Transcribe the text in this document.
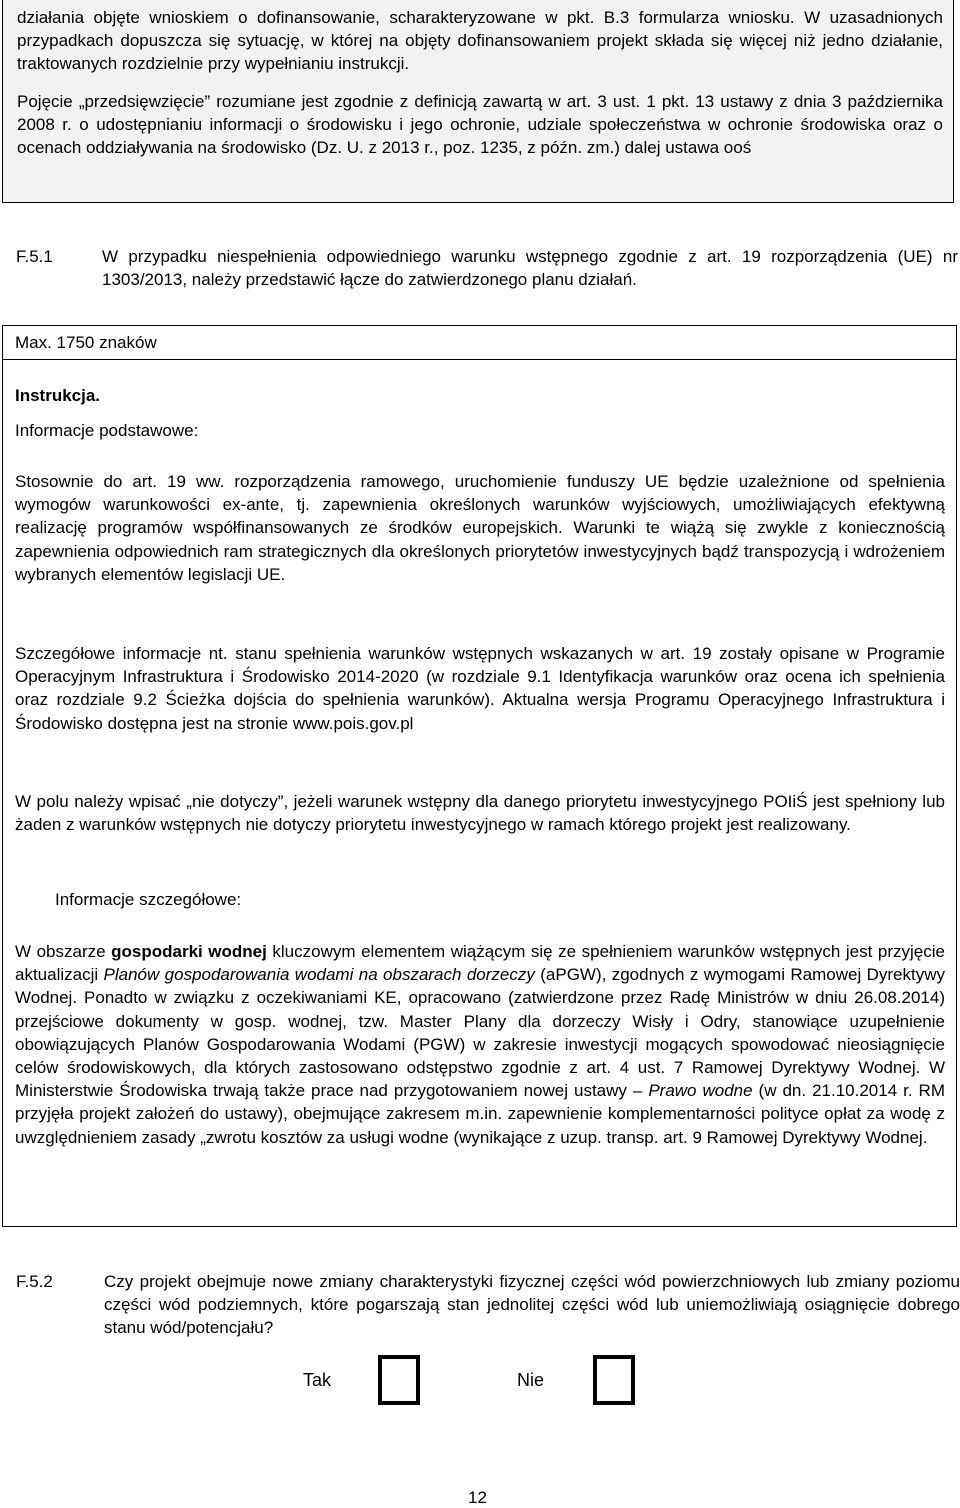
działania objęte wnioskiem o dofinansowanie, scharakteryzowane w pkt. B.3 formularza wniosku. W uzasadnionych przypadkach dopuszcza się sytuację, w której na objęty dofinansowaniem projekt składa się więcej niż jedno działanie, traktowanych rozdzielnie przy wypełnianiu instrukcji.

Pojęcie „przedsięwzięcie” rozumiane jest zgodnie z definicją zawartą w art. 3 ust. 1 pkt. 13 ustawy z dnia 3 października 2008 r. o udostępnianiu informacji o środowisku i jego ochronie, udziale społeczeństwa w ochronie środowiska oraz o ocenach oddziaływania na środowisko (Dz. U. z 2013 r., poz. 1235, z późn. zm.) dalej ustawa ooś

F.5.1	W przypadku niespełnienia odpowiedniego warunku wstępnego zgodnie z art. 19 rozporządzenia (UE) nr 1303/2013, należy przedstawić łącze do zatwierdzonego planu działań.
Max. 1750 znaków

Instrukcja.

Informacje podstawowe:

Stosownie do art. 19 ww. rozporządzenia ramowego, uruchomienie funduszy UE będzie uzależnione od spełnienia wymogów warunkowości ex-ante, tj. zapewnienia określonych warunków wyjściowych, umożliwiających efektywną realizację programów współfinansowanych ze środków europejskich. Warunki te wiążą się zwykle z koniecznością zapewnienia odpowiednich ram strategicznych dla określonych priorytetów inwestycyjnych bądź transpozycją i wdrożeniem wybranych elementów legislacji UE.

Szczegółowe informacje nt. stanu spełnienia warunków wstępnych wskazanych w art. 19 zostały opisane w Programie Operacyjnym Infrastruktura i Środowisko 2014-2020 (w rozdziale 9.1 Identyfikacja warunków oraz ocena ich spełnienia oraz rozdziale 9.2 Ścieżka dojścia do spełnienia warunków). Aktualna wersja Programu Operacyjnego Infrastruktura i Środowisko dostępna jest na stronie www.pois.gov.pl

W polu należy wpisać „nie dotyczy”, jeżeli warunek wstępny dla danego priorytetu inwestycyjnego POIiŚ jest spełniony lub żaden z warunków wstępnych nie dotyczy priorytetu inwestycyjnego w ramach którego projekt jest realizowany.

Informacje szczegółowe:

W obszarze gospodarki wodnej kluczowym elementem wiążącym się ze spełnieniem warunków wstępnych jest przyjęcie aktualizacji Planów gospodarowania wodami na obszarach dorzeczy (aPGW), zgodnych z wymogami Ramowej Dyrektywy Wodnej. Ponadto w związku z oczekiwaniami KE, opracowano (zatwierdzone przez Radę Ministrów w dniu 26.08.2014) przejściowe dokumenty w gosp. wodnej, tzw. Master Plany dla dorzeczy Wisły i Odry, stanowiące uzupełnienie obowiązujących Planów Gospodarowania Wodami (PGW) w zakresie inwestycji mogących spowodować nieosiągnięcie celów środowiskowych, dla których zastosowano odstępstwo zgodnie z art. 4 ust. 7 Ramowej Dyrektywy Wodnej. W Ministerstwie Środowiska trwają także prace nad przygotowaniem nowej ustawy – Prawo wodne (w dn. 21.10.2014 r. RM przyjęła projekt założeń do ustawy), obejmujące zakresem m.in. zapewnienie komplementarności polityce opłat za wodę z uwzględnieniem zasady „zwrotu kosztów za usługi wodne (wynikające z uzup. transp. art. 9 Ramowej Dyrektywy Wodnej.

F.5.2	Czy projekt obejmuje nowe zmiany charakterystyki fizycznej części wód powierzchniowych lub zmiany poziomu części wód podziemnych, które pogarszają stan jednolitej części wód lub uniemożliwiają osiągnięcie dobrego stanu wód/potencjału?
Tak	Nie
12
